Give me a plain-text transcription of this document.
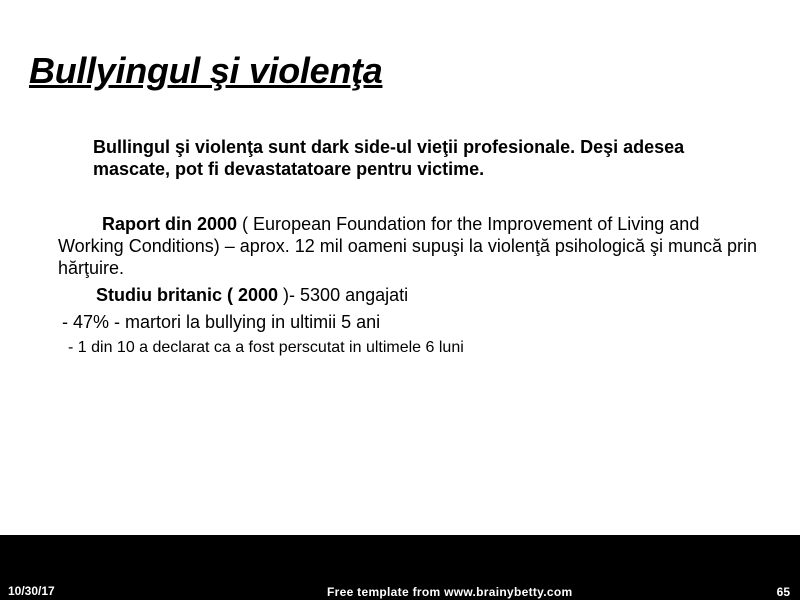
Bullyingul şi violenţa
Bullingul şi violenţa sunt dark side-ul vieţii profesionale. Deşi adesea mascate, pot fi devastatatoare pentru victime.
Raport din 2000 ( European Foundation for the Improvement of Living and Working Conditions) – aprox. 12 mil oameni supuşi la violenţă psihologică şi muncă prin hărţuire.
Studiu britanic ( 2000 )- 5300 angajati
- 47% - martori la bullying in ultimii 5 ani
- 1 din 10 a declarat ca a fost perscutat in ultimele 6 luni
10/30/17	Free template from www.brainybetty.com	65
